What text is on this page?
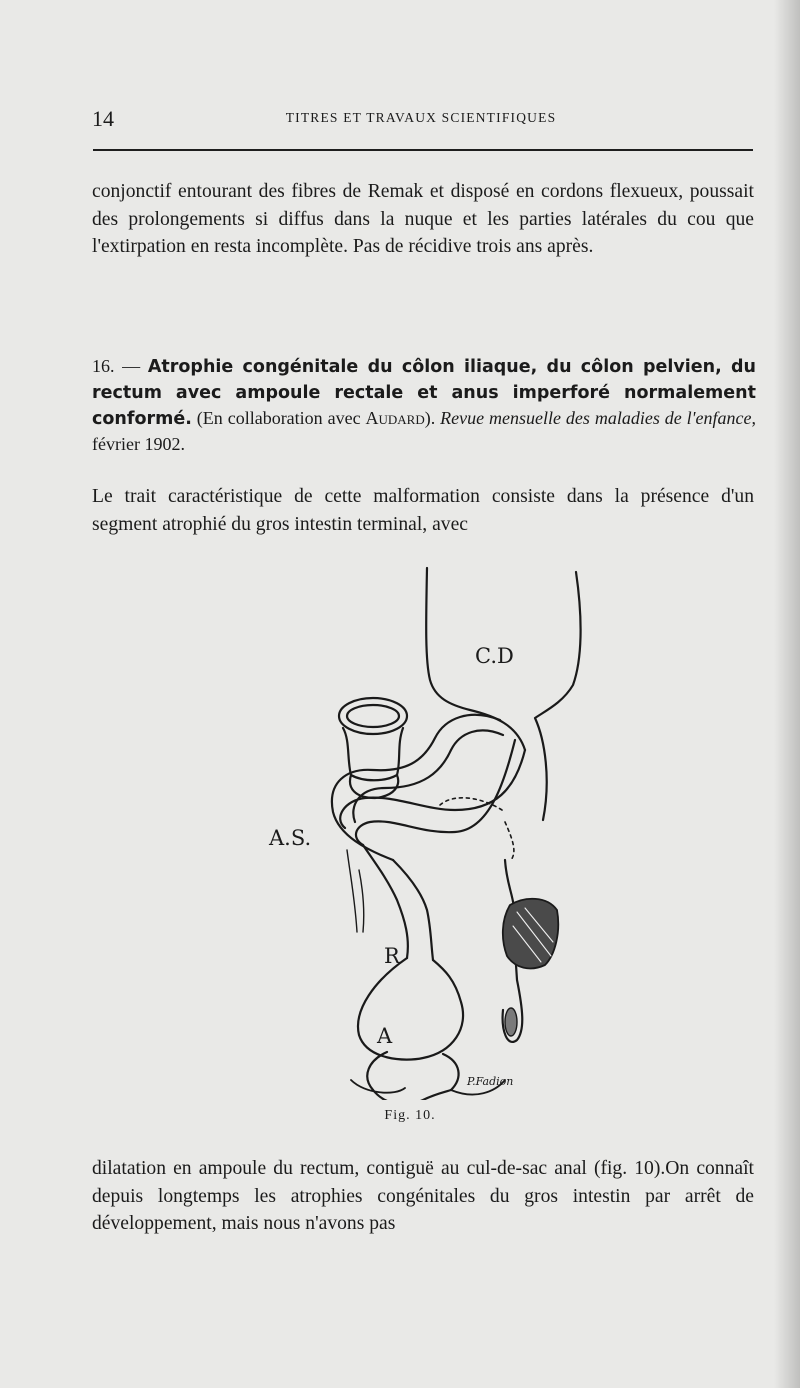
14	TITRES ET TRAVAUX SCIENTIFIQUES

conjonctif entourant des fibres de Remak et disposé en cordons flexueux, poussait des prolongements si diffus dans la nuque et les parties latérales du cou que l'extirpation en resta incomplète. Pas de récidive trois ans après.

16. — Atrophie congénitale du côlon iliaque, du côlon pelvien, du rectum avec ampoule rectale et anus imperforé normalement conformé. (En collaboration avec Audard). Revue mensuelle des maladies de l'enfance, février 1902.

Le trait caractéristique de cette malformation consiste dans la présence d'un segment atrophié du gros intestin terminal, avec

C.D
A.S.
R
A
P.Fadion
Fig. 10.

dilatation en ampoule du rectum, contiguë au cul-de-sac anal (fig. 10).On connaît depuis longtemps les atrophies congénitales du gros intestin par arrêt de développement, mais nous n'avons pas
